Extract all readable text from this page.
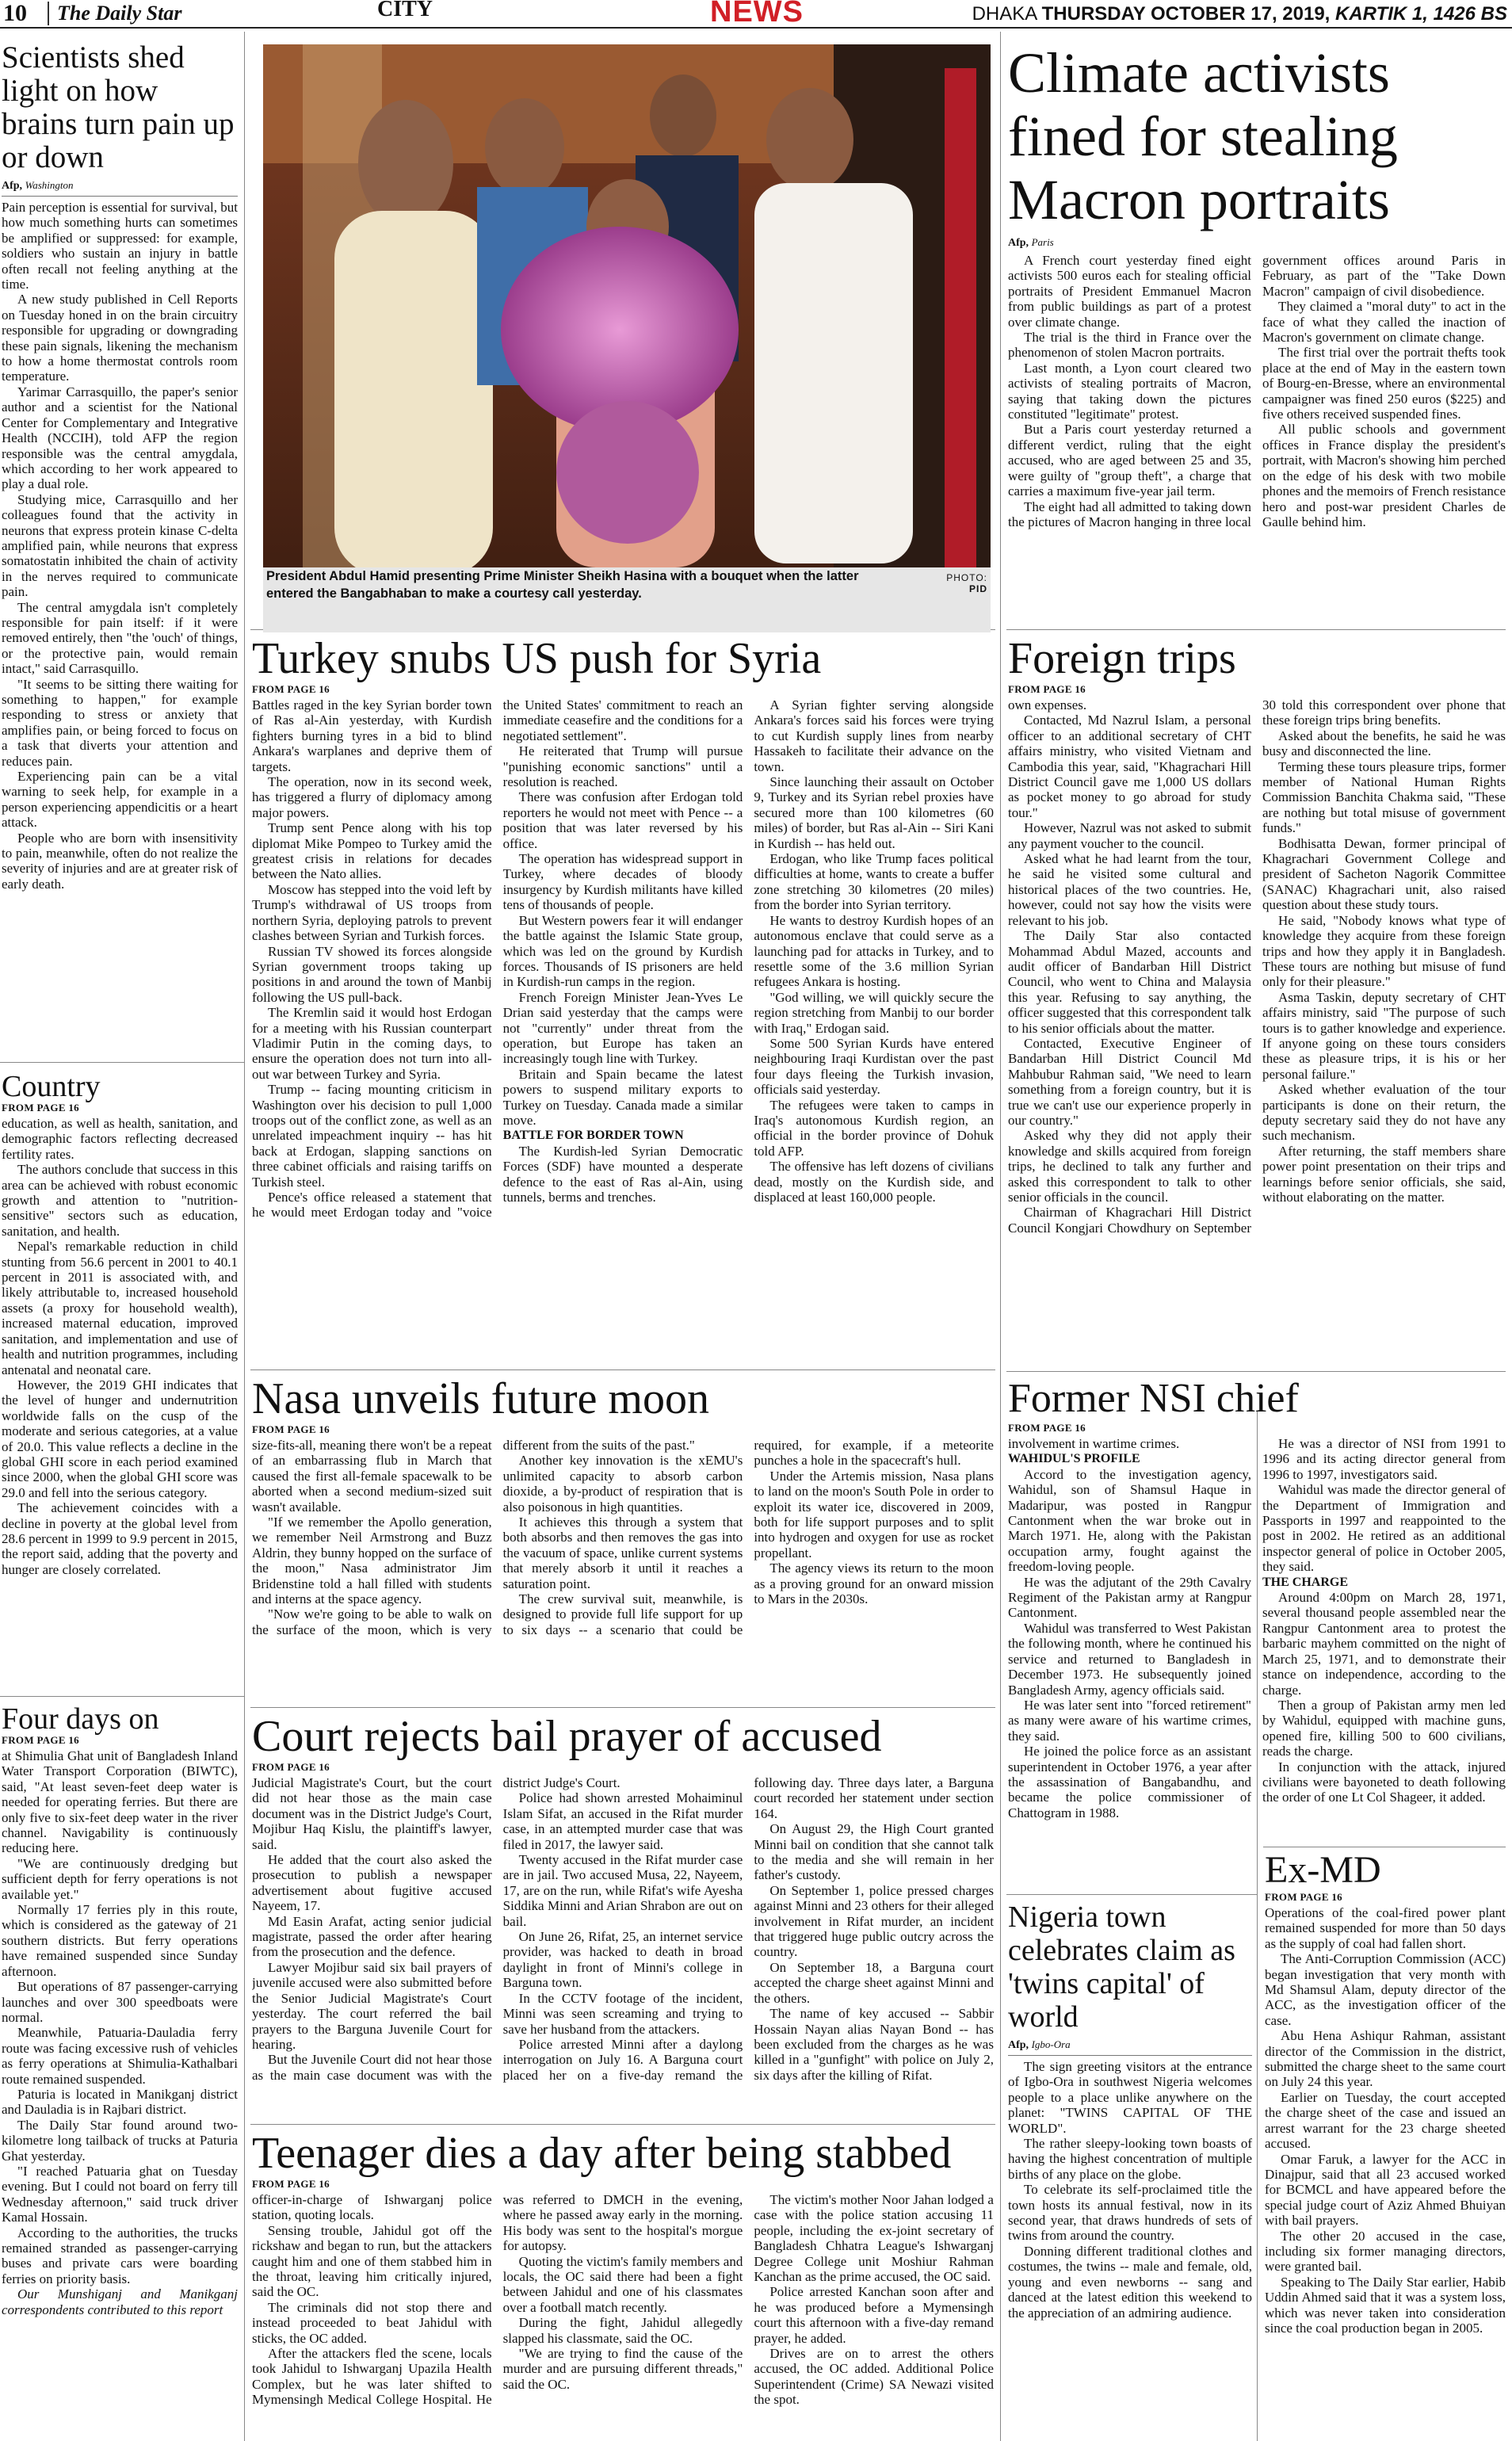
10	The Daily Star	CITY	NEWS	DHAKA THURSDAY OCTOBER 17, 2019, KARTIK 1, 1426 BS
President Abdul Hamid presenting Prime Minister Sheikh Hasina with a bouquet when the latter entered the Bangabhaban to make a courtesy call yesterday.
PHOTO:
PID
Scientists shed light on how brains turn pain up or down
Afp, Washington

Pain perception is essential for survival, but how much something hurts can sometimes be amplified or suppressed: for example, soldiers who sustain an injury in battle often recall not feeling anything at the time.

A new study published in Cell Reports on Tuesday honed in on the brain circuitry responsible for upgrading or downgrading these pain signals, likening the mechanism to how a home thermostat controls room temperature.

Yarimar Carrasquillo, the paper's senior author and a scientist for the National Center for Complementary and Integrative Health (NCCIH), told AFP the region responsible was the central amygdala, which according to her work appeared to play a dual role.

Studying mice, Carrasquillo and her colleagues found that the activity in neurons that express protein kinase C-delta amplified pain, while neurons that express somatostatin inhibited the chain of activity in the nerves required to communicate pain.

The central amygdala isn't completely responsible for pain itself: if it were removed entirely, then "the 'ouch' of things, or the protective pain, would remain intact," said Carrasquillo.

"It seems to be sitting there waiting for something to happen," for example responding to stress or anxiety that amplifies pain, or being forced to focus on a task that diverts your attention and reduces pain.

Experiencing pain can be a vital warning to seek help, for example in a person experiencing appendicitis or a heart attack.

People who are born with insensitivity to pain, meanwhile, often do not realize the severity of injuries and are at greater risk of early death.

Country
FROM PAGE 16

education, as well as health, sanitation, and demographic factors reflecting decreased fertility rates.

The authors conclude that success in this area can be achieved with robust economic growth and attention to "nutrition-sensitive" sectors such as education, sanitation, and health.

Nepal's remarkable reduction in child stunting from 56.6 percent in 2001 to 40.1 percent in 2011 is associated with, and likely attributable to, increased household assets (a proxy for household wealth), increased maternal education, improved sanitation, and implementation and use of health and nutrition programmes, including antenatal and neonatal care.

However, the 2019 GHI indicates that the level of hunger and undernutrition worldwide falls on the cusp of the moderate and serious categories, at a value of 20.0. This value reflects a decline in the global GHI score in each period examined since 2000, when the global GHI score was 29.0 and fell into the serious category.

The achievement coincides with a decline in poverty at the global level from 28.6 percent in 1999 to 9.9 percent in 2015, the report said, adding that the poverty and hunger are closely correlated.

Four days on
FROM PAGE 16

at Shimulia Ghat unit of Bangladesh Inland Water Transport Corporation (BIWTC), said, "At least seven-feet deep water is needed for operating ferries. But there are only five to six-feet deep water in the river channel. Navigability is continuously reducing here.

"We are continuously dredging but sufficient depth for ferry operations is not available yet."

Normally 17 ferries ply in this route, which is considered as the gateway of 21 southern districts. But ferry operations have remained suspended since Sunday afternoon.

But operations of 87 passenger-carrying launches and over 300 speedboats were normal.

Meanwhile, Patuaria-Dauladia ferry route was facing excessive rush of vehicles as ferry operations at Shimulia-Kathalbari route remained suspended.

Paturia is located in Manikganj district and Dauladia is in Rajbari district.

The Daily Star found around two-kilometre long tailback of trucks at Paturia Ghat yesterday.

"I reached Patuaria ghat on Tuesday evening. But I could not board on ferry till Wednesday afternoon," said truck driver Kamal Hossain.

According to the authorities, the trucks remained stranded as passenger-carrying buses and private cars were boarding ferries on priority basis.

Our Munshiganj and Manikganj correspondents contributed to this report

Climate activists fined for stealing Macron portraits
Afp, Paris

A French court yesterday fined eight activists 500 euros each for stealing official portraits of President Emmanuel Macron from public buildings as part of a protest over climate change.

The trial is the third in France over the phenomenon of stolen Macron portraits.

Last month, a Lyon court cleared two activists of stealing portraits of Macron, saying that taking down the pictures constituted "legitimate" protest.

But a Paris court yesterday returned a different verdict, ruling that the eight accused, who are aged between 25 and 35, were guilty of "group theft", a charge that carries a maximum five-year jail term.

The eight had all admitted to taking down the pictures of Macron hanging in three local government offices around Paris in February, as part of the "Take Down Macron" campaign of civil disobedience.

They claimed a "moral duty" to act in the face of what they called the inaction of Macron's government on climate change.

The first trial over the portrait thefts took place at the end of May in the eastern town of Bourg-en-Bresse, where an environmental campaigner was fined 250 euros ($225) and five others received suspended fines.

All public schools and government offices in France display the president's portrait, with Macron's showing him perched on the edge of his desk with two mobile phones and the memoirs of French resistance hero and post-war president Charles de Gaulle behind him.

Turkey snubs US push for Syria
FROM PAGE 16

Battles raged in the key Syrian border town of Ras al-Ain yesterday, with Kurdish fighters burning tyres in a bid to blind Ankara's warplanes and deprive them of targets.

The operation, now in its second week, has triggered a flurry of diplomacy among major powers.

Trump sent Pence along with his top diplomat Mike Pompeo to Turkey amid the greatest crisis in relations for decades between the Nato allies.

Moscow has stepped into the void left by Trump's withdrawal of US troops from northern Syria, deploying patrols to prevent clashes between Syrian and Turkish forces.

Russian TV showed its forces alongside Syrian government troops taking up positions in and around the town of Manbij following the US pull-back.

The Kremlin said it would host Erdogan for a meeting with his Russian counterpart Vladimir Putin in the coming days, to ensure the operation does not turn into all-out war between Turkey and Syria.

Trump -- facing mounting criticism in Washington over his decision to pull 1,000 troops out of the conflict zone, as well as an unrelated impeachment inquiry -- has hit back at Erdogan, slapping sanctions on three cabinet officials and raising tariffs on Turkish steel.

Pence's office released a statement that he would meet Erdogan today and "voice the United States' commitment to reach an immediate ceasefire and the conditions for a negotiated settlement".

He reiterated that Trump will pursue "punishing economic sanctions" until a resolution is reached.

There was confusion after Erdogan told reporters he would not meet with Pence -- a position that was later reversed by his office.

The operation has widespread support in Turkey, where decades of bloody insurgency by Kurdish militants have killed tens of thousands of people.

But Western powers fear it will endanger the battle against the Islamic State group, which was led on the ground by Kurdish forces. Thousands of IS prisoners are held in Kurdish-run camps in the region.

French Foreign Minister Jean-Yves Le Drian said yesterday that the camps were not "currently" under threat from the operation, but Europe has taken an increasingly tough line with Turkey.

Britain and Spain became the latest powers to suspend military exports to Turkey on Tuesday. Canada made a similar move.

BATTLE FOR BORDER TOWN

The Kurdish-led Syrian Democratic Forces (SDF) have mounted a desperate defence to the east of Ras al-Ain, using tunnels, berms and trenches.

A Syrian fighter serving alongside Ankara's forces said his forces were trying to cut Kurdish supply lines from nearby Hassakeh to facilitate their advance on the town.

Since launching their assault on October 9, Turkey and its Syrian rebel proxies have secured more than 100 kilometres (60 miles) of border, but Ras al-Ain -- Siri Kani in Kurdish -- has held out.

Erdogan, who like Trump faces political difficulties at home, wants to create a buffer zone stretching 30 kilometres (20 miles) from the border into Syrian territory.

He wants to destroy Kurdish hopes of an autonomous enclave that could serve as a launching pad for attacks in Turkey, and to resettle some of the 3.6 million Syrian refugees Ankara is hosting.

"God willing, we will quickly secure the region stretching from Manbij to our border with Iraq," Erdogan said.

Some 500 Syrian Kurds have entered neighbouring Iraqi Kurdistan over the past four days fleeing the Turkish invasion, officials said yesterday.

The refugees were taken to camps in Iraq's autonomous Kurdish region, an official in the border province of Dohuk told AFP.

The offensive has left dozens of civilians dead, mostly on the Kurdish side, and displaced at least 160,000 people.

Foreign trips
FROM PAGE 16

own expenses.

Contacted, Md Nazrul Islam, a personal officer to an additional secretary of CHT affairs ministry, who visited Vietnam and Cambodia this year, said, "Khagrachari Hill District Council gave me 1,000 US dollars as pocket money to go abroad for study tour."

However, Nazrul was not asked to submit any payment voucher to the council.

Asked what he had learnt from the tour, he said he visited some cultural and historical places of the two countries. He, however, could not say how the visits were relevant to his job.

The Daily Star also contacted Mohammad Abdul Mazed, accounts and audit officer of Bandarban Hill District Council, who went to China and Malaysia this year. Refusing to say anything, the officer suggested that this correspondent talk to his senior officials about the matter.

Contacted, Executive Engineer of Bandarban Hill District Council Md Mahbubur Rahman said, "We need to learn something from a foreign country, but it is true we can't use our experience properly in our country."

Asked why they did not apply their knowledge and skills acquired from foreign trips, he declined to talk any further and asked this correspondent to talk to other senior officials in the council.

Chairman of Khagrachari Hill District Council Kongjari Chowdhury on September 30 told this correspondent over phone that these foreign trips bring benefits.

Asked about the benefits, he said he was busy and disconnected the line.

Terming these tours pleasure trips, former member of National Human Rights Commission Banchita Chakma said, "These are nothing but total misuse of government funds."

Bodhisatta Dewan, former principal of Khagrachari Government College and president of Sacheton Nagorik Committee (SANAC) Khagrachari unit, also raised question about these study tours.

He said, "Nobody knows what type of knowledge they acquire from these foreign trips and how they apply it in Bangladesh. These tours are nothing but misuse of fund only for their pleasure."

Asma Taskin, deputy secretary of CHT affairs ministry, said "The purpose of such tours is to gather knowledge and experience. If anyone going on these tours considers these as pleasure trips, it is his or her personal failure."

Asked whether evaluation of the tour participants is done on their return, the deputy secretary said they do not have any such mechanism.

After returning, the staff members share power point presentation on their trips and learnings before senior officials, she said, without elaborating on the matter.

Nasa unveils future moon
FROM PAGE 16

size-fits-all, meaning there won't be a repeat of an embarrassing flub in March that caused the first all-female spacewalk to be aborted when a second medium-sized suit wasn't available.

"If we remember the Apollo generation, we remember Neil Armstrong and Buzz Aldrin, they bunny hopped on the surface of the moon," Nasa administrator Jim Bridenstine told a hall filled with students and interns at the space agency.

"Now we're going to be able to walk on the surface of the moon, which is very different from the suits of the past."

Another key innovation is the xEMU's unlimited capacity to absorb carbon dioxide, a by-product of respiration that is also poisonous in high quantities.

It achieves this through a system that both absorbs and then removes the gas into the vacuum of space, unlike current systems that merely absorb it until it reaches a saturation point.

The crew survival suit, meanwhile, is designed to provide full life support for up to six days -- a scenario that could be required, for example, if a meteorite punches a hole in the spacecraft's hull.

Under the Artemis mission, Nasa plans to land on the moon's South Pole in order to exploit its water ice, discovered in 2009, both for life support purposes and to split into hydrogen and oxygen for use as rocket propellant.

The agency views its return to the moon as a proving ground for an onward mission to Mars in the 2030s.

Former NSI chief
FROM PAGE 16

involvement in wartime crimes.

WAHIDUL'S PROFILE

Accord to the investigation agency, Wahidul, son of Shamsul Haque in Madaripur, was posted in Rangpur Cantonment when the war broke out in March 1971. He, along with the Pakistan occupation army, fought against the freedom-loving people.

He was the adjutant of the 29th Cavalry Regiment of the Pakistan army at Rangpur Cantonment.

Wahidul was transferred to West Pakistan the following month, where he continued his service and returned to Bangladesh in December 1973. He subsequently joined Bangladesh Army, agency officials said.

He was later sent into "forced retirement" as many were aware of his wartime crimes, they said.

He joined the police force as an assistant superintendent in October 1976, a year after the assassination of Bangabandhu, and became the police commissioner of Chattogram in 1988.

He was a director of NSI from 1991 to 1996 and its acting director general from 1996 to 1997, investigators said.

Wahidul was made the director general of the Department of Immigration and Passports in 1997 and reappointed to the post in 2002. He retired as an additional inspector general of police in October 2005, they said.

THE CHARGE

Around 4:00pm on March 28, 1971, several thousand people assembled near the Rangpur Cantonment area to protest the barbaric mayhem committed on the night of March 25, 1971, and to demonstrate their stance on independence, according to the charge.

Then a group of Pakistan army men led by Wahidul, equipped with machine guns, opened fire, killing 500 to 600 civilians, reads the charge.

In conjunction with the attack, injured civilians were bayoneted to death following the order of one Lt Col Shageer, it added.

Court rejects bail prayer of accused
FROM PAGE 16

Judicial Magistrate's Court, but the court did not hear those as the main case document was in the District Judge's Court, Mojibur Haq Kislu, the plaintiff's lawyer, said.

He added that the court also asked the prosecution to publish a newspaper advertisement about fugitive accused Nayeem, 17.

Md Easin Arafat, acting senior judicial magistrate, passed the order after hearing from the prosecution and the defence.

Lawyer Mojibur said six bail prayers of juvenile accused were also submitted before the Senior Judicial Magistrate's Court yesterday. The court referred the bail prayers to the Barguna Juvenile Court for hearing.

But the Juvenile Court did not hear those as the main case document was with the district Judge's Court.

Police had shown arrested Mohaiminul Islam Sifat, an accused in the Rifat murder case, in an attempted murder case that was filed in 2017, the lawyer said.

Twenty accused in the Rifat murder case are in jail. Two accused Musa, 22, Nayeem, 17, are on the run, while Rifat's wife Ayesha Siddika Minni and Arian Shrabon are out on bail.

On June 26, Rifat, 25, an internet service provider, was hacked to death in broad daylight in front of Minni's college in Barguna town.

In the CCTV footage of the incident, Minni was seen screaming and trying to save her husband from the attackers.

Police arrested Minni after a daylong interrogation on July 16. A Barguna court placed her on a five-day remand the following day. Three days later, a Barguna court recorded her statement under section 164.

On August 29, the High Court granted Minni bail on condition that she cannot talk to the media and she will remain in her father's custody.

On September 1, police pressed charges against Minni and 23 others for their alleged involvement in Rifat murder, an incident that triggered huge public outcry across the country.

On September 18, a Barguna court accepted the charge sheet against Minni and the others.

The name of key accused -- Sabbir Hossain Nayan alias Nayan Bond -- has been excluded from the charges as he was killed in a "gunfight" with police on July 2, six days after the killing of Rifat.

Nigeria town celebrates claim as 'twins capital' of world
Afp, Igbo-Ora

The sign greeting visitors at the entrance of Igbo-Ora in southwest Nigeria welcomes people to a place unlike anywhere on the planet: "TWINS CAPITAL OF THE WORLD".

The rather sleepy-looking town boasts of having the highest concentration of multiple births of any place on the globe.

To celebrate its self-proclaimed title the town hosts its annual festival, now in its second year, that draws hundreds of sets of twins from around the country.

Donning different traditional clothes and costumes, the twins -- male and female, old, young and even newborns -- sang and danced at the latest edition this weekend to the appreciation of an admiring audience.

Ex-MD
FROM PAGE 16

Operations of the coal-fired power plant remained suspended for more than 50 days as the supply of coal had fallen short.

The Anti-Corruption Commission (ACC) began investigation that very month with Md Shamsul Alam, deputy director of the ACC, as the investigation officer of the case.

Abu Hena Ashiqur Rahman, assistant director of the Commission in the district, submitted the charge sheet to the same court on July 24 this year.

Earlier on Tuesday, the court accepted the charge sheet of the case and issued an arrest warrant for the 23 charge sheeted accused.

Omar Faruk, a lawyer for the ACC in Dinajpur, said that all 23 accused worked for BCMCL and have appeared before the special judge court of Aziz Ahmed Bhuiyan with bail prayers.

The other 20 accused in the case, including six former managing directors, were granted bail.

Speaking to The Daily Star earlier, Habib Uddin Ahmed said that it was a system loss, which was never taken into consideration since the coal production began in 2005.

Teenager dies a day after being stabbed
FROM PAGE 16

officer-in-charge of Ishwarganj police station, quoting locals.

Sensing trouble, Jahidul got off the rickshaw and began to run, but the attackers caught him and one of them stabbed him in the throat, leaving him critically injured, said the OC.

The criminals did not stop there and instead proceeded to beat Jahidul with sticks, the OC added.

After the attackers fled the scene, locals took Jahidul to Ishwarganj Upazila Health Complex, but he was later shifted to Mymensingh Medical College Hospital. He was referred to DMCH in the evening, where he passed away early in the morning. His body was sent to the hospital's morgue for autopsy.

Quoting the victim's family members and locals, the OC said there had been a fight between Jahidul and one of his classmates over a football match recently.

During the fight, Jahidul allegedly slapped his classmate, said the OC.

"We are trying to find the cause of the murder and are pursuing different threads," said the OC.

The victim's mother Noor Jahan lodged a case with the police station accusing 11 people, including the ex-joint secretary of Bangladesh Chhatra League's Ishwarganj Degree College unit Moshiur Rahman Kanchan as the prime accused, the OC said.

Police arrested Kanchan soon after and he was produced before a Mymensingh court this afternoon with a five-day remand prayer, he added.

Drives are on to arrest the others accused, the OC added. Additional Police Superintendent (Crime) SA Newazi visited the spot.
